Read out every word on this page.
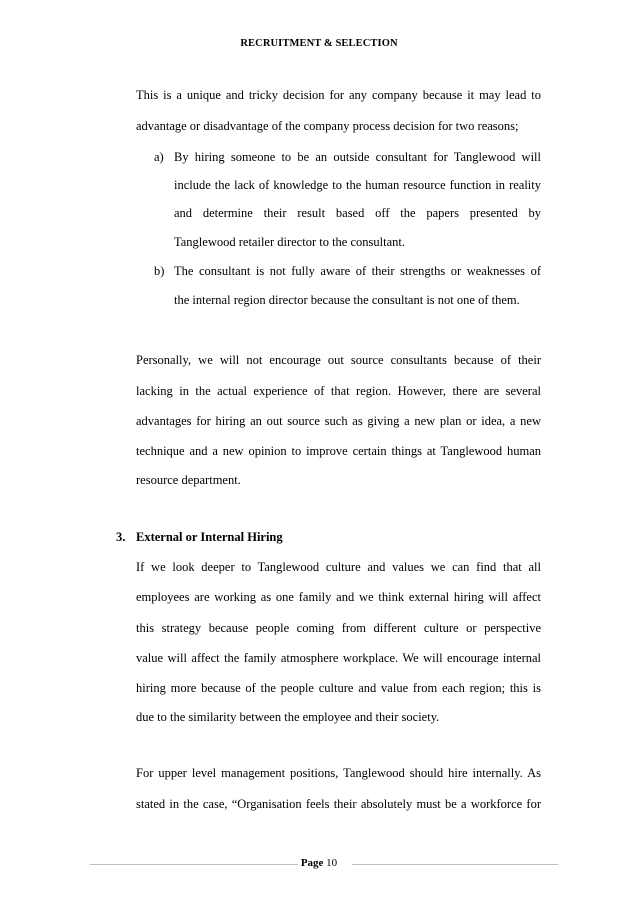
RECRUITMENT & SELECTION

This is a unique and tricky decision for any company because it may lead to

advantage or disadvantage of the company process decision for two reasons;

a) By hiring someone to be an outside consultant for Tanglewood will

include the lack of knowledge to the human resource function in reality

and determine their result based off the papers presented by

Tanglewood retailer director to the consultant.

b) The consultant is not fully aware of their strengths or weaknesses of

the internal region director because the consultant is not one of them.

Personally, we will not encourage out source consultants because of their

lacking in the actual experience of that region. However, there are several

advantages for hiring an out source such as giving a new plan or idea, a new

technique and a new opinion to improve certain things at Tanglewood human

resource department.

3. External or Internal Hiring

If we look deeper to Tanglewood culture and values we can find that all

employees are working as one family and we think external hiring will affect

this strategy because people coming from different culture or perspective

value will affect the family atmosphere workplace. We will encourage internal

hiring more because of the people culture and value from each region; this is

due to the similarity between the employee and their society.

For upper level management positions, Tanglewood should hire internally. As

stated in the case, “Organisation feels their absolutely must be a workforce for

Page 10
